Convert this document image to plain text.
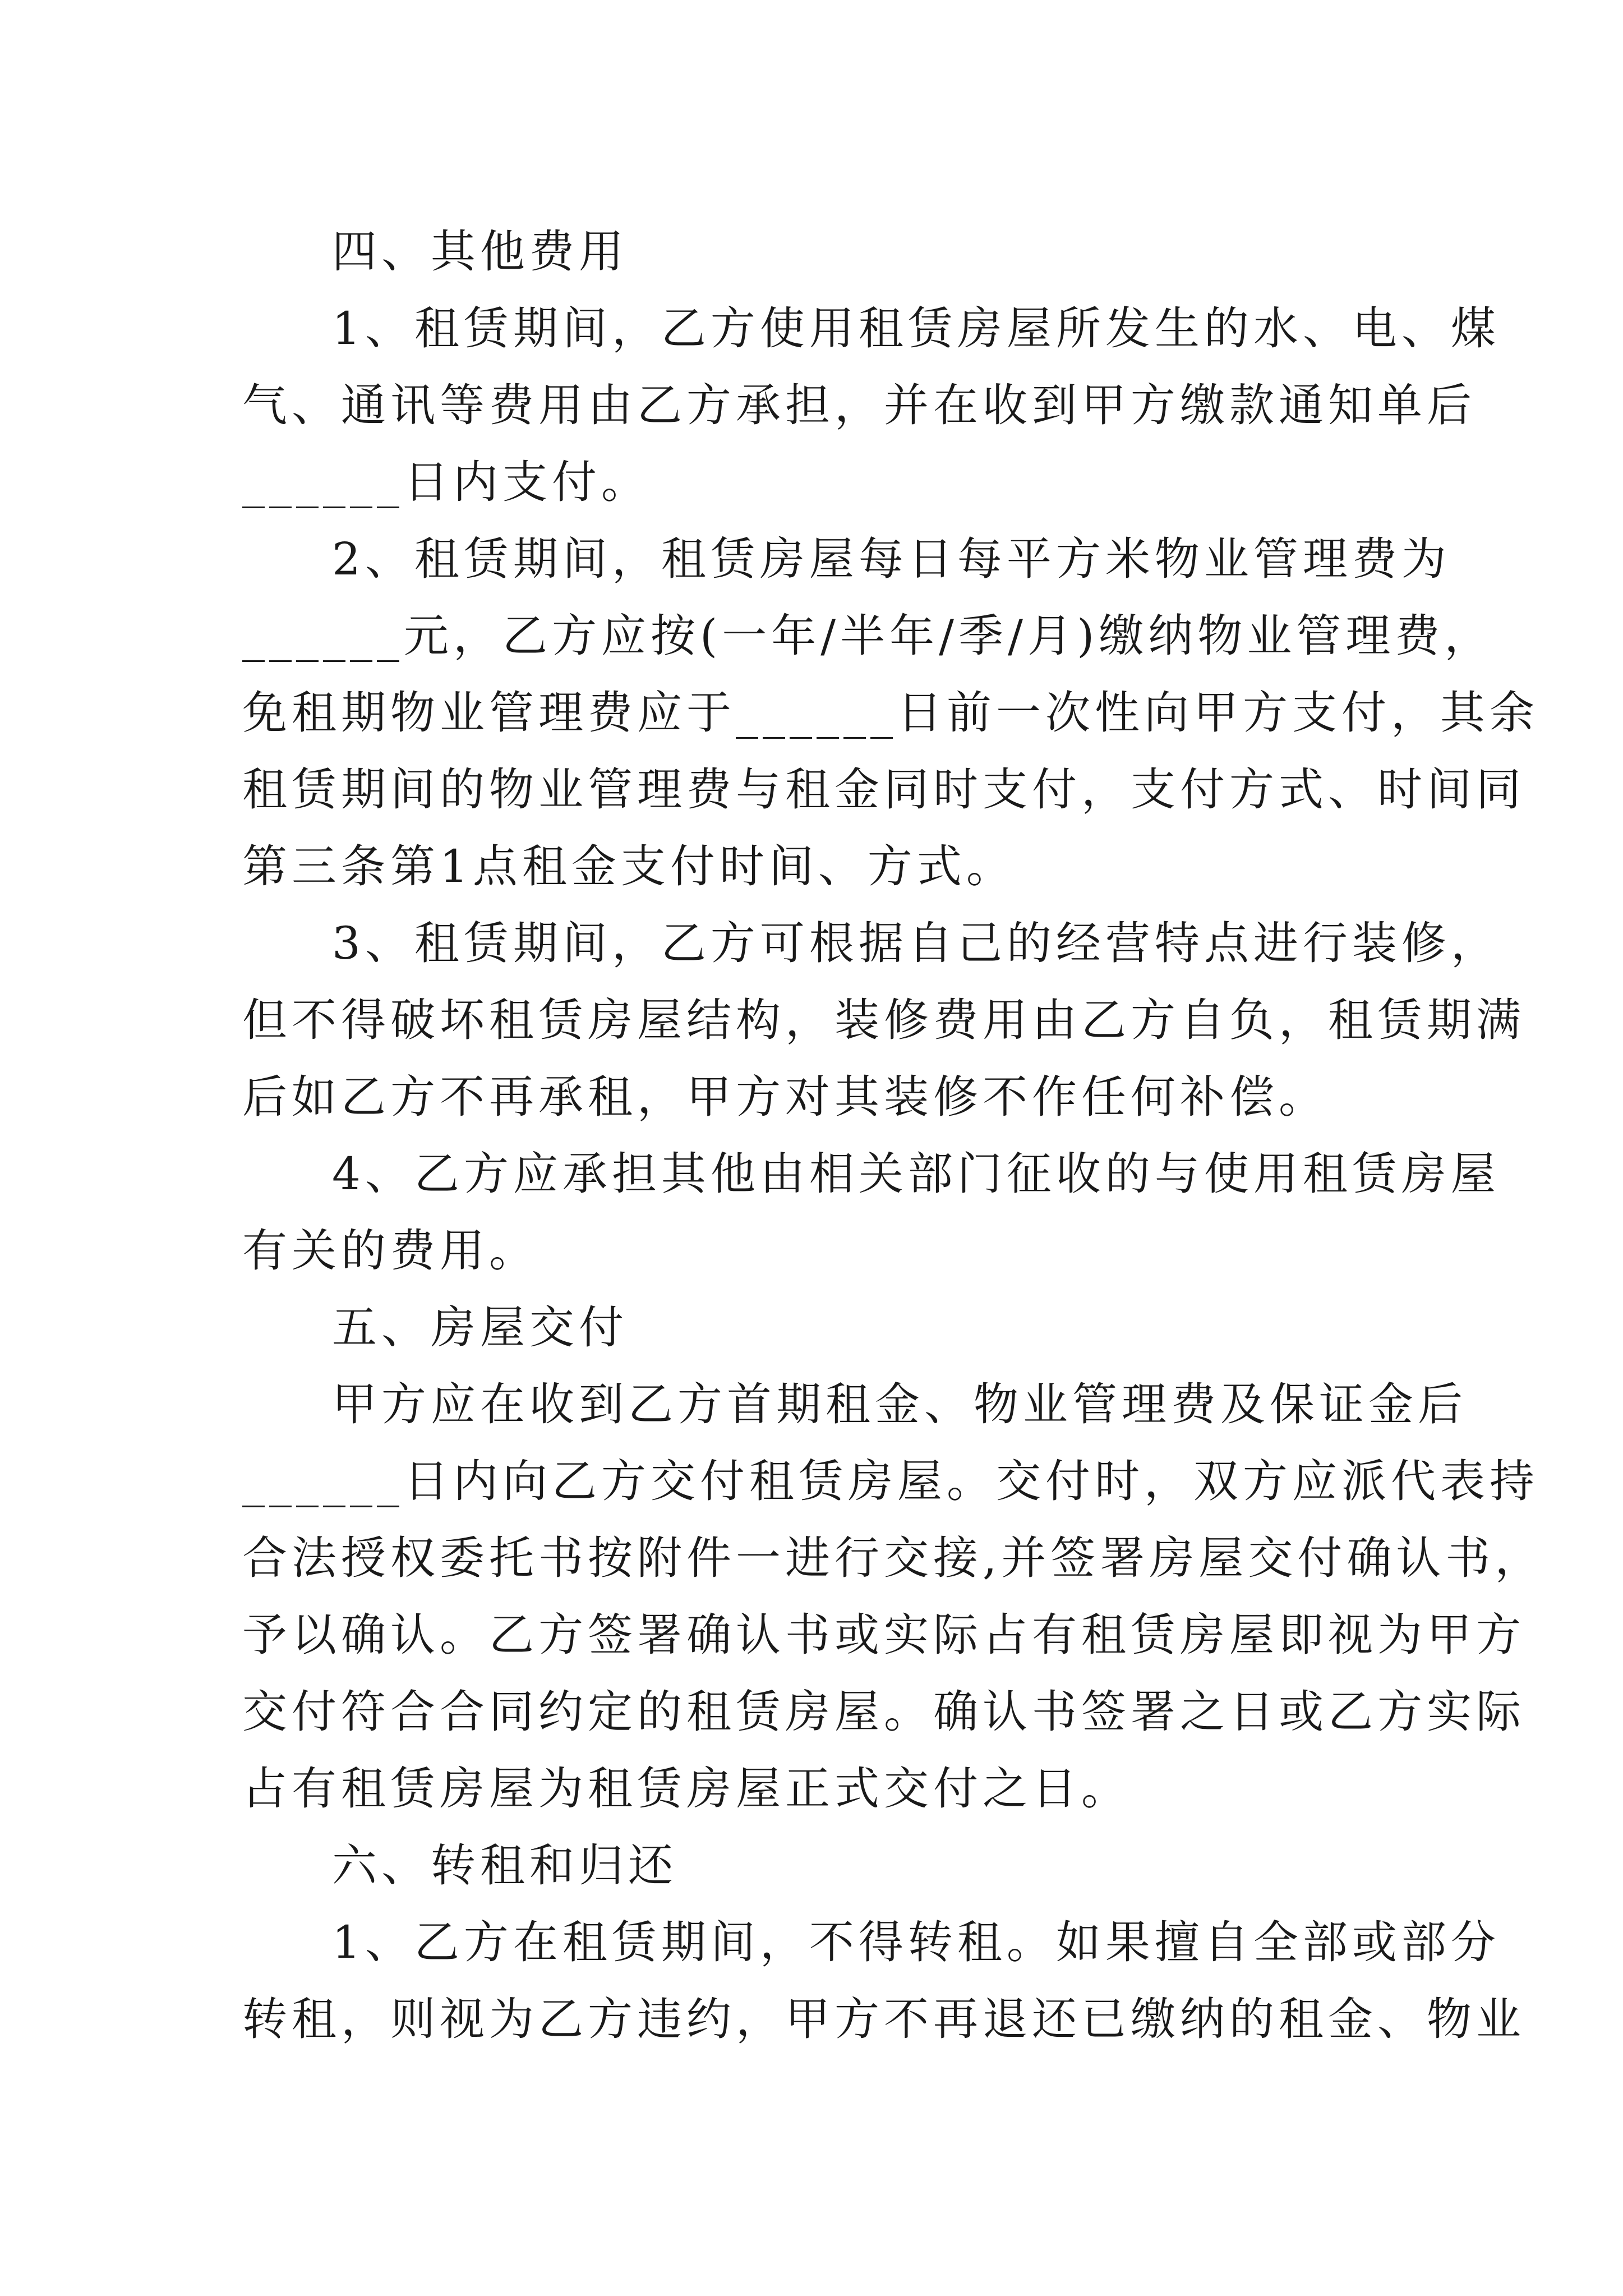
四、其他费用
1、租赁期间，乙方使用租赁房屋所发生的水、电、煤
气、通讯等费用由乙方承担，并在收到甲方缴款通知单后
______日内支付。
2、租赁期间，租赁房屋每日每平方米物业管理费为
______元，乙方应按(一年/半年/季/月)缴纳物业管理费，
免租期物业管理费应于______日前一次性向甲方支付，其余
租赁期间的物业管理费与租金同时支付，支付方式、时间同
第三条第1点租金支付时间、方式。
3、租赁期间，乙方可根据自己的经营特点进行装修，
但不得破坏租赁房屋结构，装修费用由乙方自负，租赁期满
后如乙方不再承租，甲方对其装修不作任何补偿。
4、乙方应承担其他由相关部门征收的与使用租赁房屋
有关的费用。
五、房屋交付
甲方应在收到乙方首期租金、物业管理费及保证金后
______日内向乙方交付租赁房屋。交付时，双方应派代表持
合法授权委托书按附件一进行交接,并签署房屋交付确认书，
予以确认。乙方签署确认书或实际占有租赁房屋即视为甲方
交付符合合同约定的租赁房屋。确认书签署之日或乙方实际
占有租赁房屋为租赁房屋正式交付之日。
六、转租和归还
1、乙方在租赁期间，不得转租。如果擅自全部或部分
转租，则视为乙方违约，甲方不再退还已缴纳的租金、物业
